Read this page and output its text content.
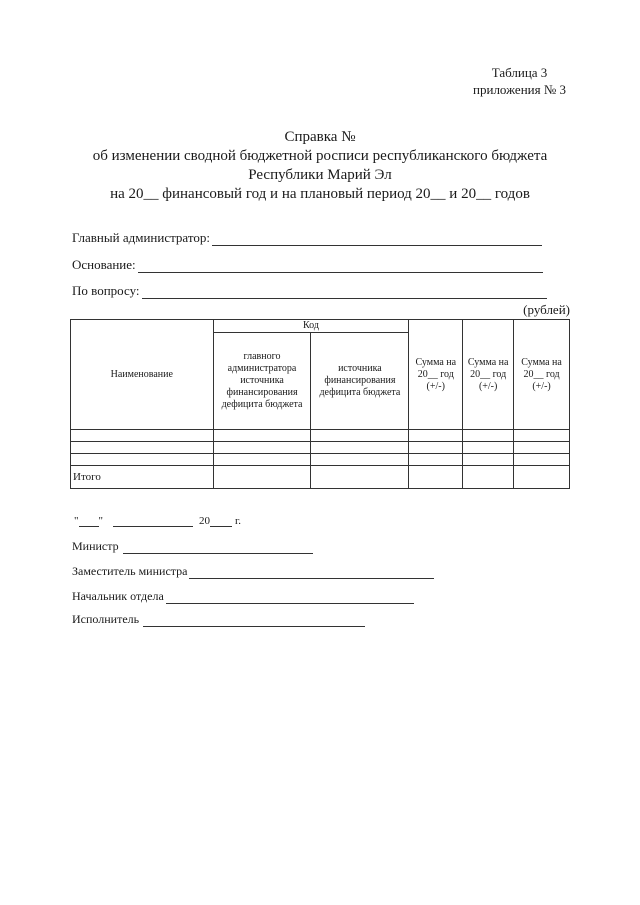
Таблица 3
приложения № 3
Справка №
об изменении сводной бюджетной росписи республиканского бюджета
Республики Марий Эл
на 20__ финансовый год и на плановый период 20__ и 20__ годов
Главный администратор:
Основание:
По вопросу:
(рублей)
Наименование	Код		Сумма на 20__ год (+/-)	Сумма на 20__ год (+/-)	Сумма на 20__ год (+/-)
	главного администратора источника финансирования дефицита бюджета	источника финансирования дефицита бюджета			

Итого					
" "	20 г.
Министр
Заместитель министра
Начальник отдела
Исполнитель
